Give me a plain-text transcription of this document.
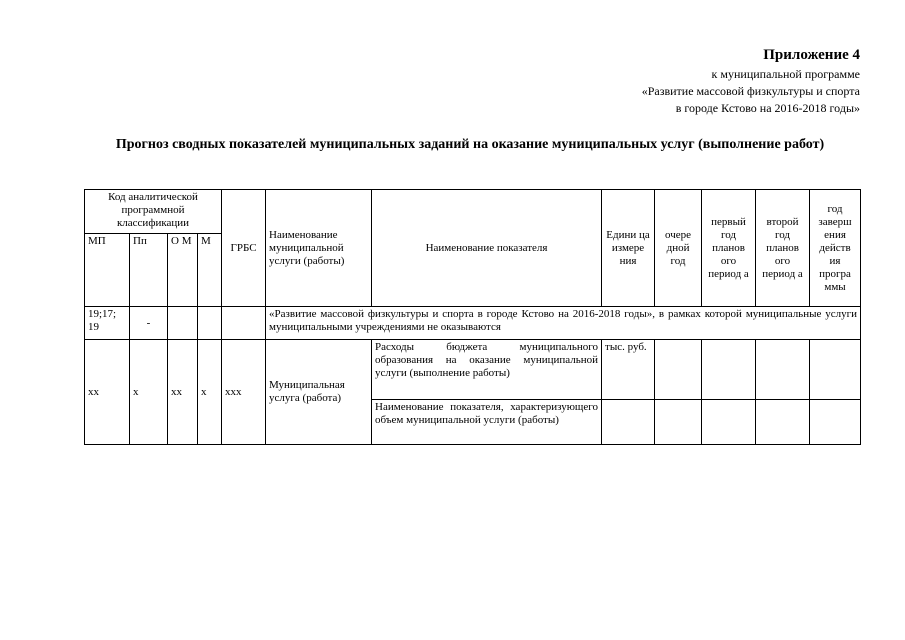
Приложение 4
к муниципальной программе
«Развитие массовой физкультуры и спорта
в городе Кстово на 2016-2018 годы»
Прогноз сводных показателей муниципальных заданий на оказание муниципальных услуг (выполнение работ)
Код аналитической программной классификации				ГРБС	Наименование муниципальной услуги (работы)	Наименование показателя	Едини ца измере ния	очере дной год	первый год планов ого период а	второй год планов ого период а	год заверш ения действ ия програ ммы
МП	Пп	О М	М								
19;17; 19	-				«Развитие массовой физкультуры и спорта в городе Кстово на 2016-2018 годы», в рамках которой муниципальные услуги муниципальными учреждениями не оказываются						
хх	х	хх	х	ххх	Муниципальная услуга (работа)	Расходы бюджета муниципального образования на оказание муниципальной услуги (выполнение работы)	тыс. руб.				
						Наименование показателя, характеризующего объем муниципальной услуги (работы)					
